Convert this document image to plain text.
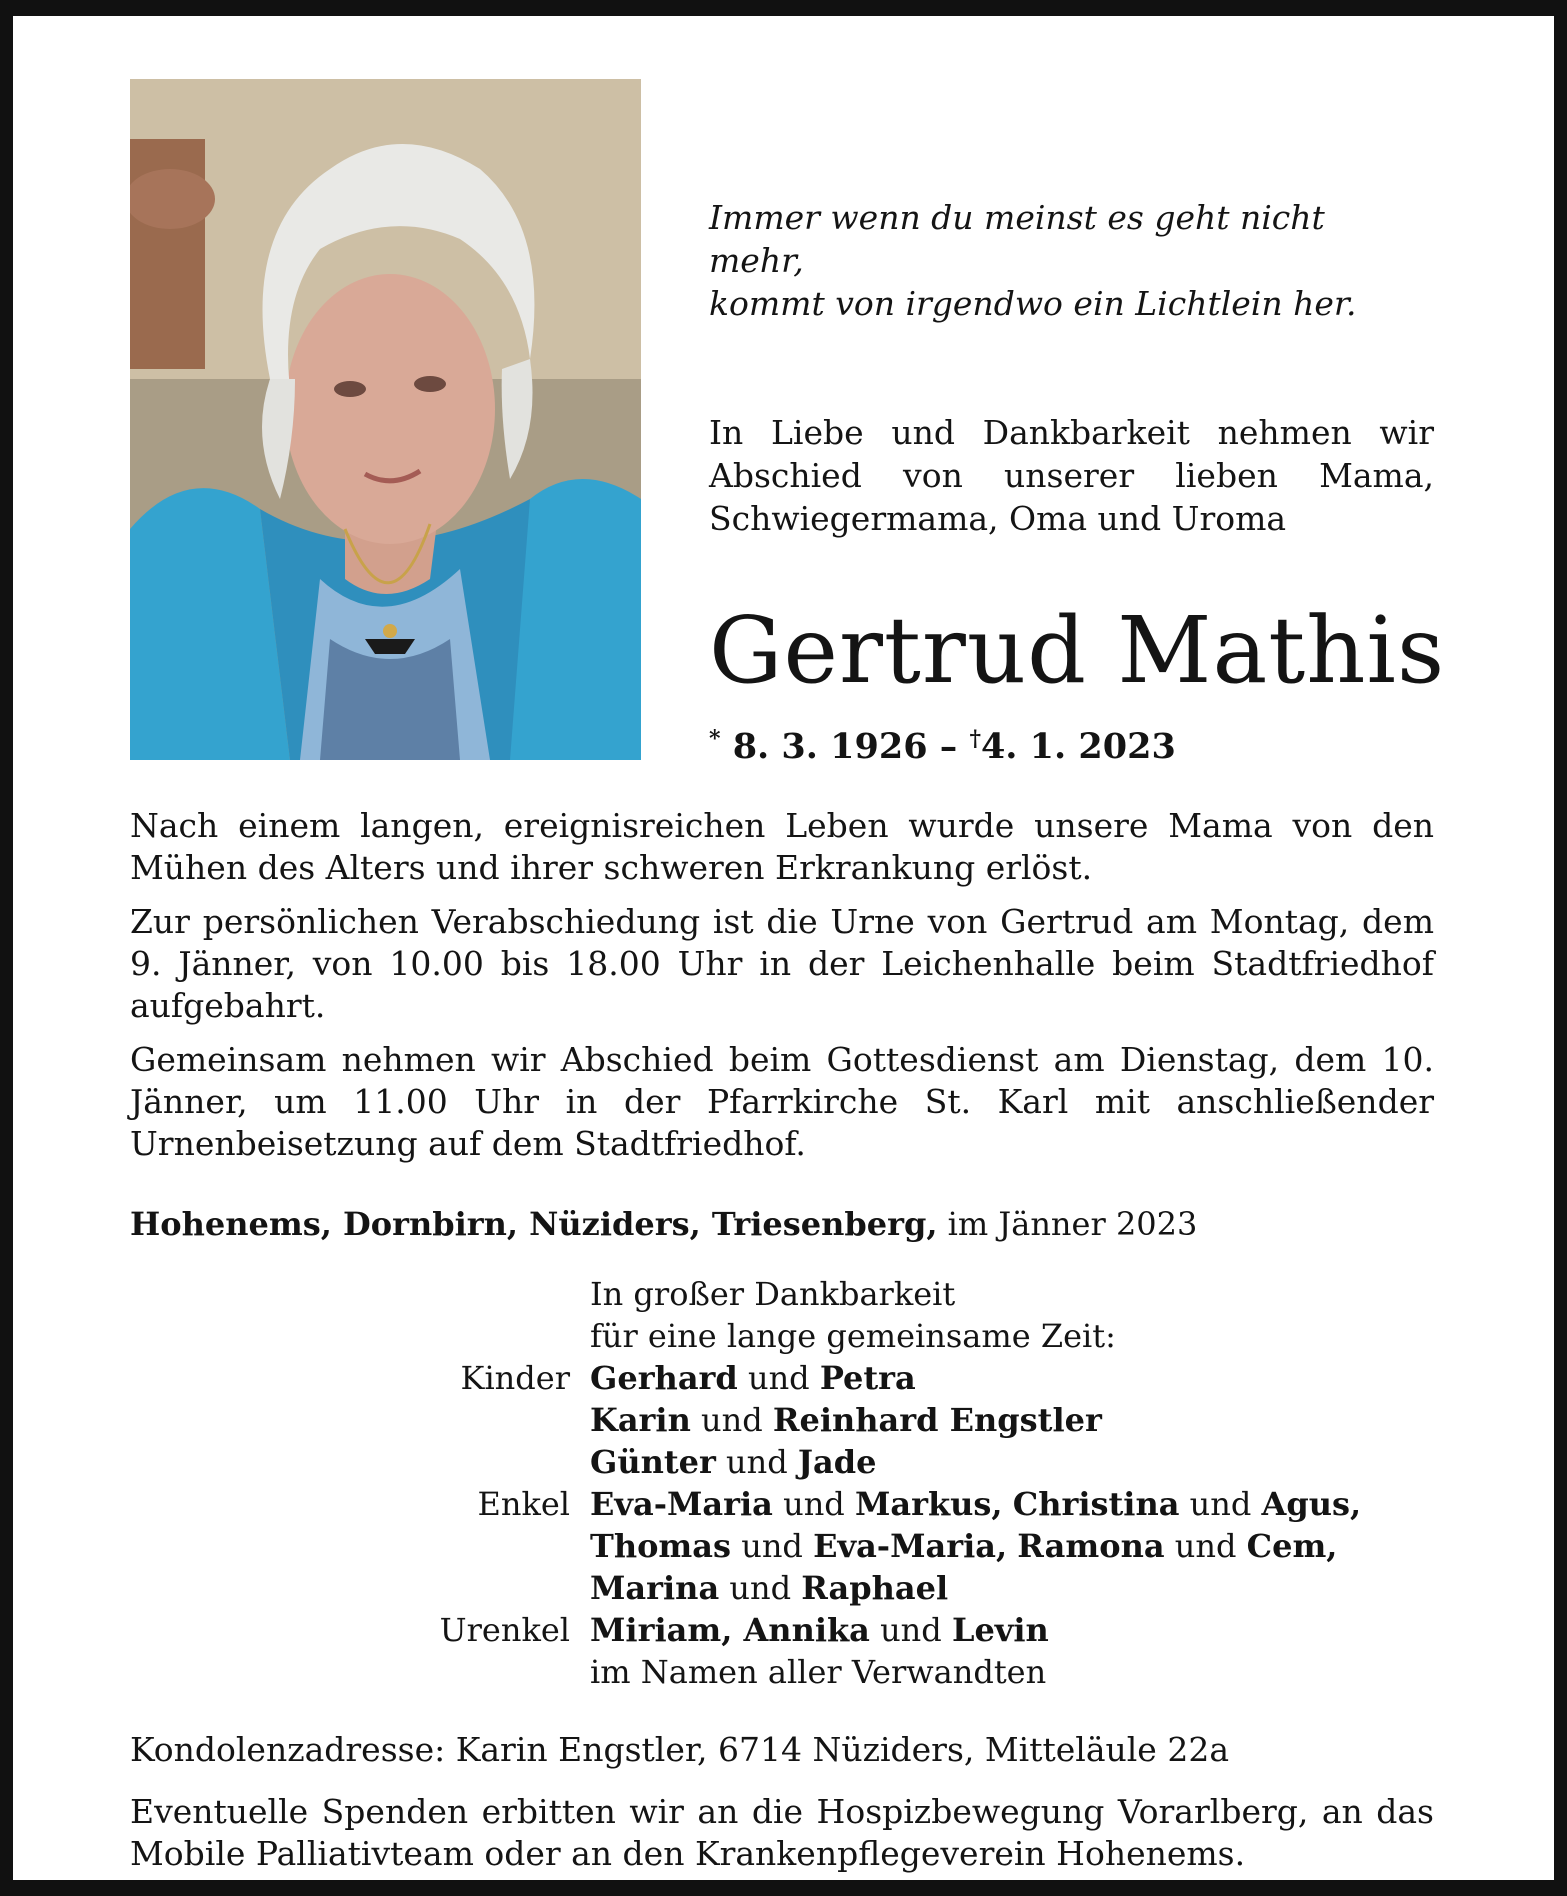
Immer wenn du meinst es geht nicht mehr,
kommt von irgendwo ein Lichtlein her.
In Liebe und Dankbarkeit nehmen wir Abschied von unserer lieben Mama, Schwiegermama, Oma und Uroma
Gertrud Mathis
* 8. 3. 1926 – †4. 1. 2023

Nach einem langen, ereignisreichen Leben wurde unsere Mama von den Mühen des Alters und ihrer schweren Erkrankung erlöst.

Zur persönlichen Verabschiedung ist die Urne von Gertrud am Montag, dem 9. Jänner, von 10.00 bis 18.00 Uhr in der Leichenhalle beim Stadtfriedhof aufgebahrt.

Gemeinsam nehmen wir Abschied beim Gottesdienst am Dienstag, dem 10. Jänner, um 11.00 Uhr in der Pfarrkirche St. Karl mit anschließender Urnenbeisetzung auf dem Stadtfriedhof.

Hohenems, Dornbirn, Nüziders, Triesenberg, im Jänner 2023
In großer Dankbarkeit
für eine lange gemeinsame Zeit:
Kinder Gerhard und Petra
Karin und Reinhard Engstler
Günter und Jade
Enkel Eva-Maria und Markus, Christina und Agus,
Thomas und Eva-Maria, Ramona und Cem,
Marina und Raphael
Urenkel Miriam, Annika und Levin
im Namen aller Verwandten
Kondolenzadresse: Karin Engstler, 6714 Nüziders, Mitteläule 22a
Eventuelle Spenden erbitten wir an die Hospizbewegung Vorarlberg, an das Mobile Palliativteam oder an den Krankenpflegeverein Hohenems.
